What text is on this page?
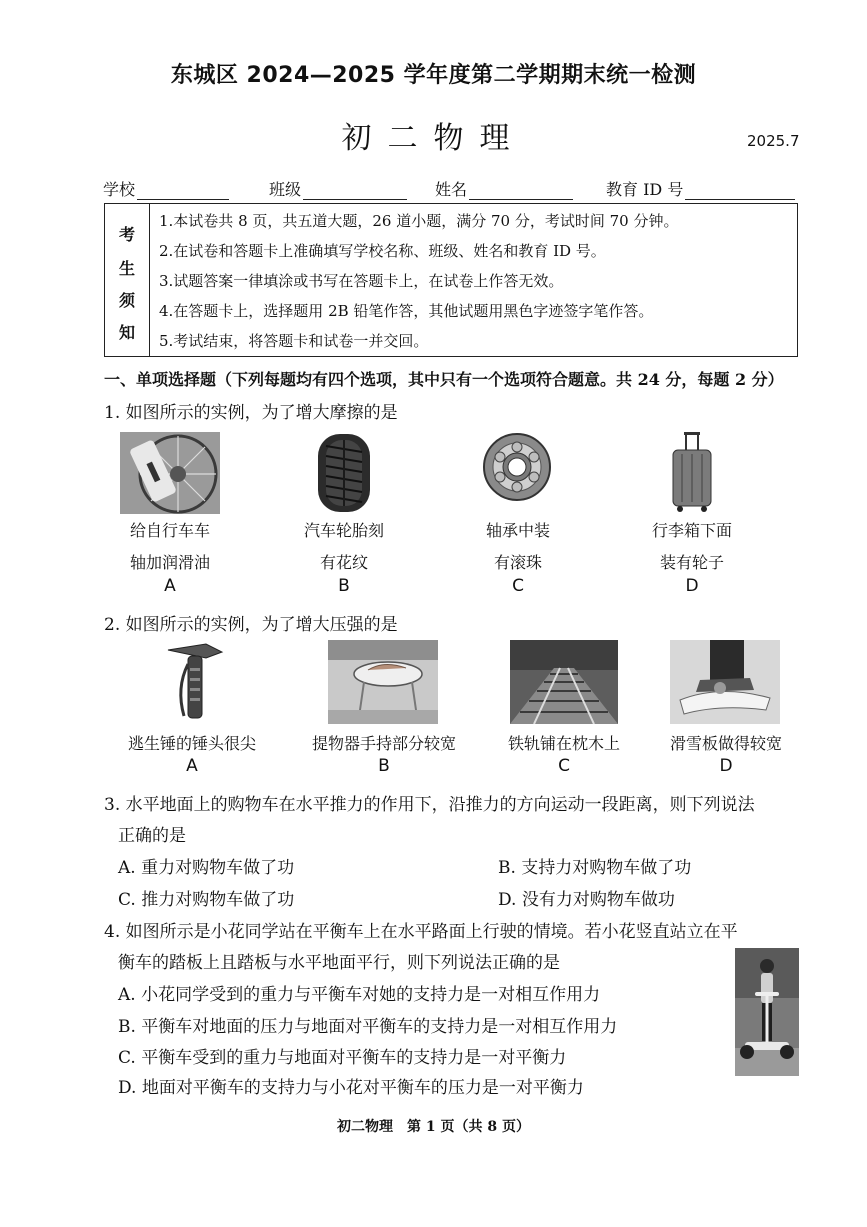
东城区 2024—2025 学年度第二学期期末统一检测
初二物理	2025.7
学校	班级	姓名	教育 ID 号
考
生
须
知
1.本试卷共 8 页，共五道大题，26 道小题，满分 70 分，考试时间 70 分钟。
2.在试卷和答题卡上准确填写学校名称、班级、姓名和教育 ID 号。
3.试题答案一律填涂或书写在答题卡上，在试卷上作答无效。
4.在答题卡上，选择题用 2B 铅笔作答，其他试题用黑色字迹签字笔作答。
5.考试结束，将答题卡和试卷一并交回。
一、单项选择题（下列每题均有四个选项，其中只有一个选项符合题意。共 24 分，每题 2 分）
1. 如图所示的实例，为了增大摩擦的是
给自行车车
轴加润滑油
A
汽车轮胎刻
有花纹
B
轴承中装
有滚珠
C
行李箱下面
装有轮子
D
2. 如图所示的实例，为了增大压强的是
逃生锤的锤头很尖
A
提物器手持部分较宽
B
铁轨铺在枕木上
C
滑雪板做得较宽
D
3. 水平地面上的购物车在水平推力的作用下，沿推力的方向运动一段距离，则下列说法
正确的是
A. 重力对购物车做了功	B. 支持力对购物车做了功
C. 推力对购物车做了功	D. 没有力对购物车做功
4. 如图所示是小花同学站在平衡车上在水平路面上行驶的情境。若小花竖直站立在平
衡车的踏板上且踏板与水平地面平行，则下列说法正确的是
A. 小花同学受到的重力与平衡车对她的支持力是一对相互作用力
B. 平衡车对地面的压力与地面对平衡车的支持力是一对相互作用力
C. 平衡车受到的重力与地面对平衡车的支持力是一对平衡力
D. 地面对平衡车的支持力与小花对平衡车的压力是一对平衡力
初二物理　第 1 页（共 8 页）
